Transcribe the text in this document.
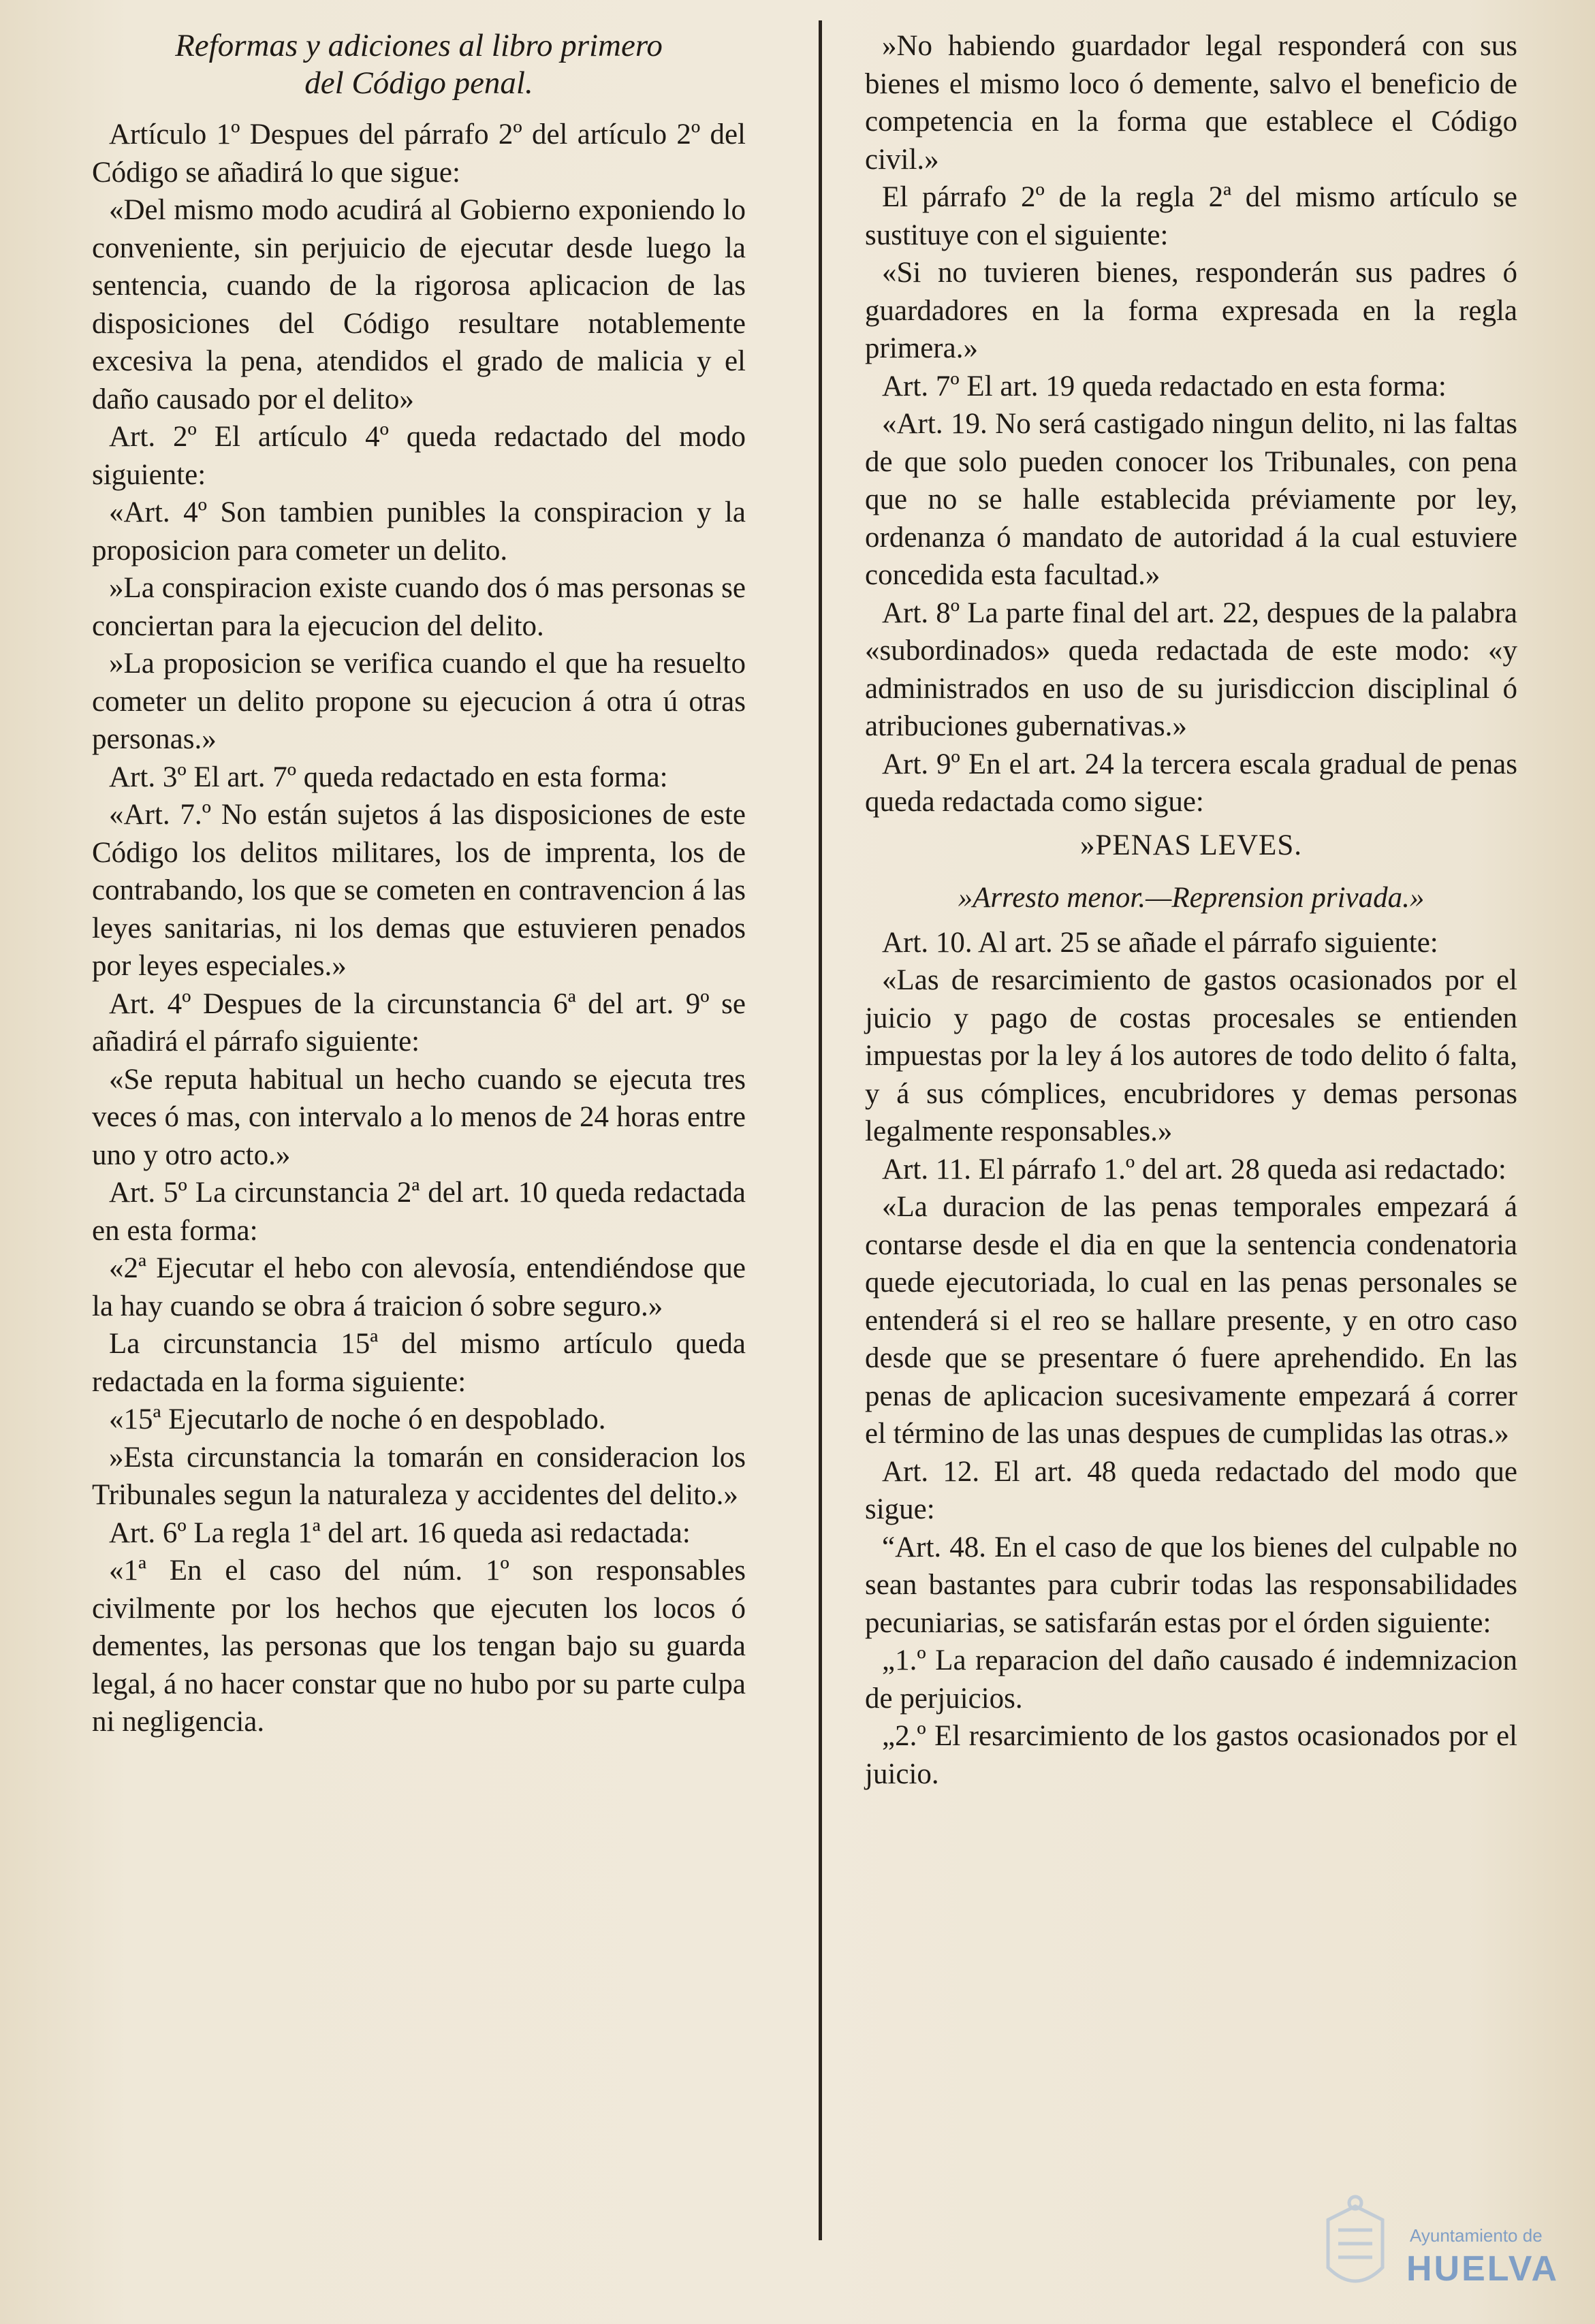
Reformas y adiciones al libro primero
del Código penal.

Artículo 1º Despues del párrafo 2º del artículo 2º del Código se añadirá lo que sigue:

«Del mismo modo acudirá al Gobierno exponiendo lo conveniente, sin perjuicio de ejecutar desde luego la sentencia, cuando de la rigorosa aplicacion de las disposiciones del Código resultare notablemente excesiva la pena, atendidos el grado de malicia y el daño causado por el delito»

Art. 2º El artículo 4º queda redactado del modo siguiente:

«Art. 4º Son tambien punibles la conspiracion y la proposicion para cometer un delito.

»La conspiracion existe cuando dos ó mas personas se conciertan para la ejecucion del delito.

»La proposicion se verifica cuando el que ha resuelto cometer un delito propone su ejecucion á otra ú otras personas.»

Art. 3º El art. 7º queda redactado en esta forma:

«Art. 7.º No están sujetos á las disposiciones de este Código los delitos militares, los de imprenta, los de contrabando, los que se cometen en contravencion á las leyes sanitarias, ni los demas que estuvieren penados por leyes especiales.»

Art. 4º Despues de la circunstancia 6ª del art. 9º se añadirá el párrafo siguiente:

«Se reputa habitual un hecho cuando se ejecuta tres veces ó mas, con intervalo a lo menos de 24 horas entre uno y otro acto.»

Art. 5º La circunstancia 2ª del art. 10 queda redactada en esta forma:

«2ª Ejecutar el hebo con alevosía, entendiéndose que la hay cuando se obra á traicion ó sobre seguro.»

La circunstancia 15ª del mismo artículo queda redactada en la forma siguiente:

«15ª Ejecutarlo de noche ó en despoblado.

»Esta circunstancia la tomarán en consideracion los Tribunales segun la naturaleza y accidentes del delito.»

Art. 6º La regla 1ª del art. 16 queda asi redactada:

«1ª En el caso del núm. 1º son responsables civilmente por los hechos que ejecuten los locos ó dementes, las personas que los tengan bajo su guarda legal, á no hacer constar que no hubo por su parte culpa ni negligencia.

»No habiendo guardador legal responderá con sus bienes el mismo loco ó demente, salvo el beneficio de competencia en la forma que establece el Código civil.»

El párrafo 2º de la regla 2ª del mismo artículo se sustituye con el siguiente:

«Si no tuvieren bienes, responderán sus padres ó guardadores en la forma expresada en la regla primera.»

Art. 7º El art. 19 queda redactado en esta forma:

«Art. 19. No será castigado ningun delito, ni las faltas de que solo pueden conocer los Tribunales, con pena que no se halle establecida préviamente por ley, ordenanza ó mandato de autoridad á la cual estuviere concedida esta facultad.»

Art. 8º La parte final del art. 22, despues de la palabra «subordinados» queda redactada de este modo: «y administrados en uso de su jurisdiccion disciplinal ó atribuciones gubernativas.»

Art. 9º En el art. 24 la tercera escala gradual de penas queda redactada como sigue:

»PENAS LEVES.

»Arresto menor.—Reprension privada.»

Art. 10. Al art. 25 se añade el párrafo siguiente:

«Las de resarcimiento de gastos ocasionados por el juicio y pago de costas procesales se entienden impuestas por la ley á los autores de todo delito ó falta, y á sus cómplices, encubridores y demas personas legalmente responsables.»

Art. 11. El párrafo 1.º del art. 28 queda asi redactado:

«La duracion de las penas temporales empezará á contarse desde el dia en que la sentencia condenatoria quede ejecutoriada, lo cual en las penas personales se entenderá si el reo se hallare presente, y en otro caso desde que se presentare ó fuere aprehendido. En las penas de aplicacion sucesivamente empezará á correr el término de las unas despues de cumplidas las otras.»

Art. 12. El art. 48 queda redactado del modo que sigue:

“Art. 48. En el caso de que los bienes del culpable no sean bastantes para cubrir todas las responsabilidades pecuniarias, se satisfarán estas por el órden siguiente:

„1.º La reparacion del daño causado é indemnizacion de perjuicios.

„2.º El resarcimiento de los gastos ocasionados por el juicio.

Ayuntamiento de
HUELVA
